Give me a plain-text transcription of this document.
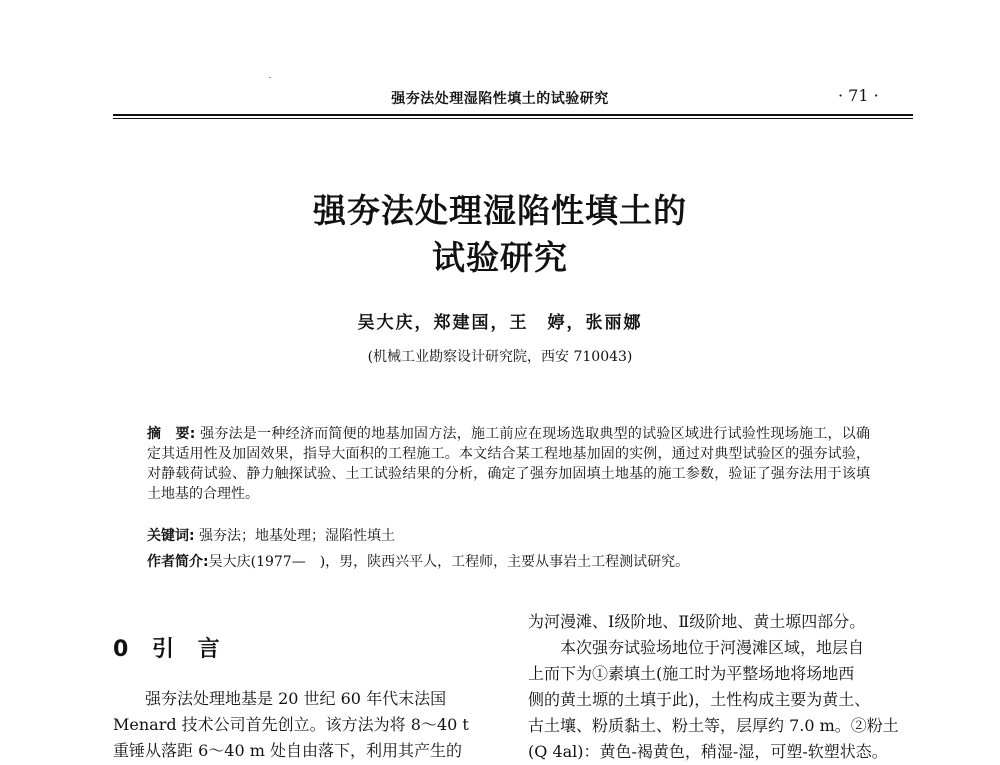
强夯法处理湿陷性填土的试验研究	· 71 ·
强夯法处理湿陷性填土的
试验研究
吴大庆，郑建国，王　婷，张丽娜
(机械工业勘察设计研究院，西安 710043)
摘　要: 强夯法是一种经济而简便的地基加固方法，施工前应在现场选取典型的试验区域进行试验性现场施工，以确定其适用性及加固效果，指导大面积的工程施工。本文结合某工程地基加固的实例，通过对典型试验区的强夯试验，对静载荷试验、静力触探试验、土工试验结果的分析，确定了强夯加固填土地基的施工参数，验证了强夯法用于该填土地基的合理性。
关键词: 强夯法；地基处理；湿陷性填土
作者简介:吴大庆(1977—　)，男，陕西兴平人，工程师，主要从事岩土工程测试研究。
0 引 言

强夯法处理地基是 20 世纪 60 年代末法国

Menard 技术公司首先创立。该方法为将 8～40 t

重锤从落距 6～40 m 处自由落下，利用其产生的

为河漫滩、Ⅰ级阶地、Ⅱ级阶地、黄土塬四部分。

本次强夯试验场地位于河漫滩区域，地层自

上而下为①素填土(施工时为平整场地将场地西

侧的黄土塬的土填于此)，土性构成主要为黄土、

古土壤、粉质黏土、粉土等，层厚约 7.0 m。②粉土

(Q 4al)：黄色-褐黄色，稍湿-湿，可塑-软塑状态。
